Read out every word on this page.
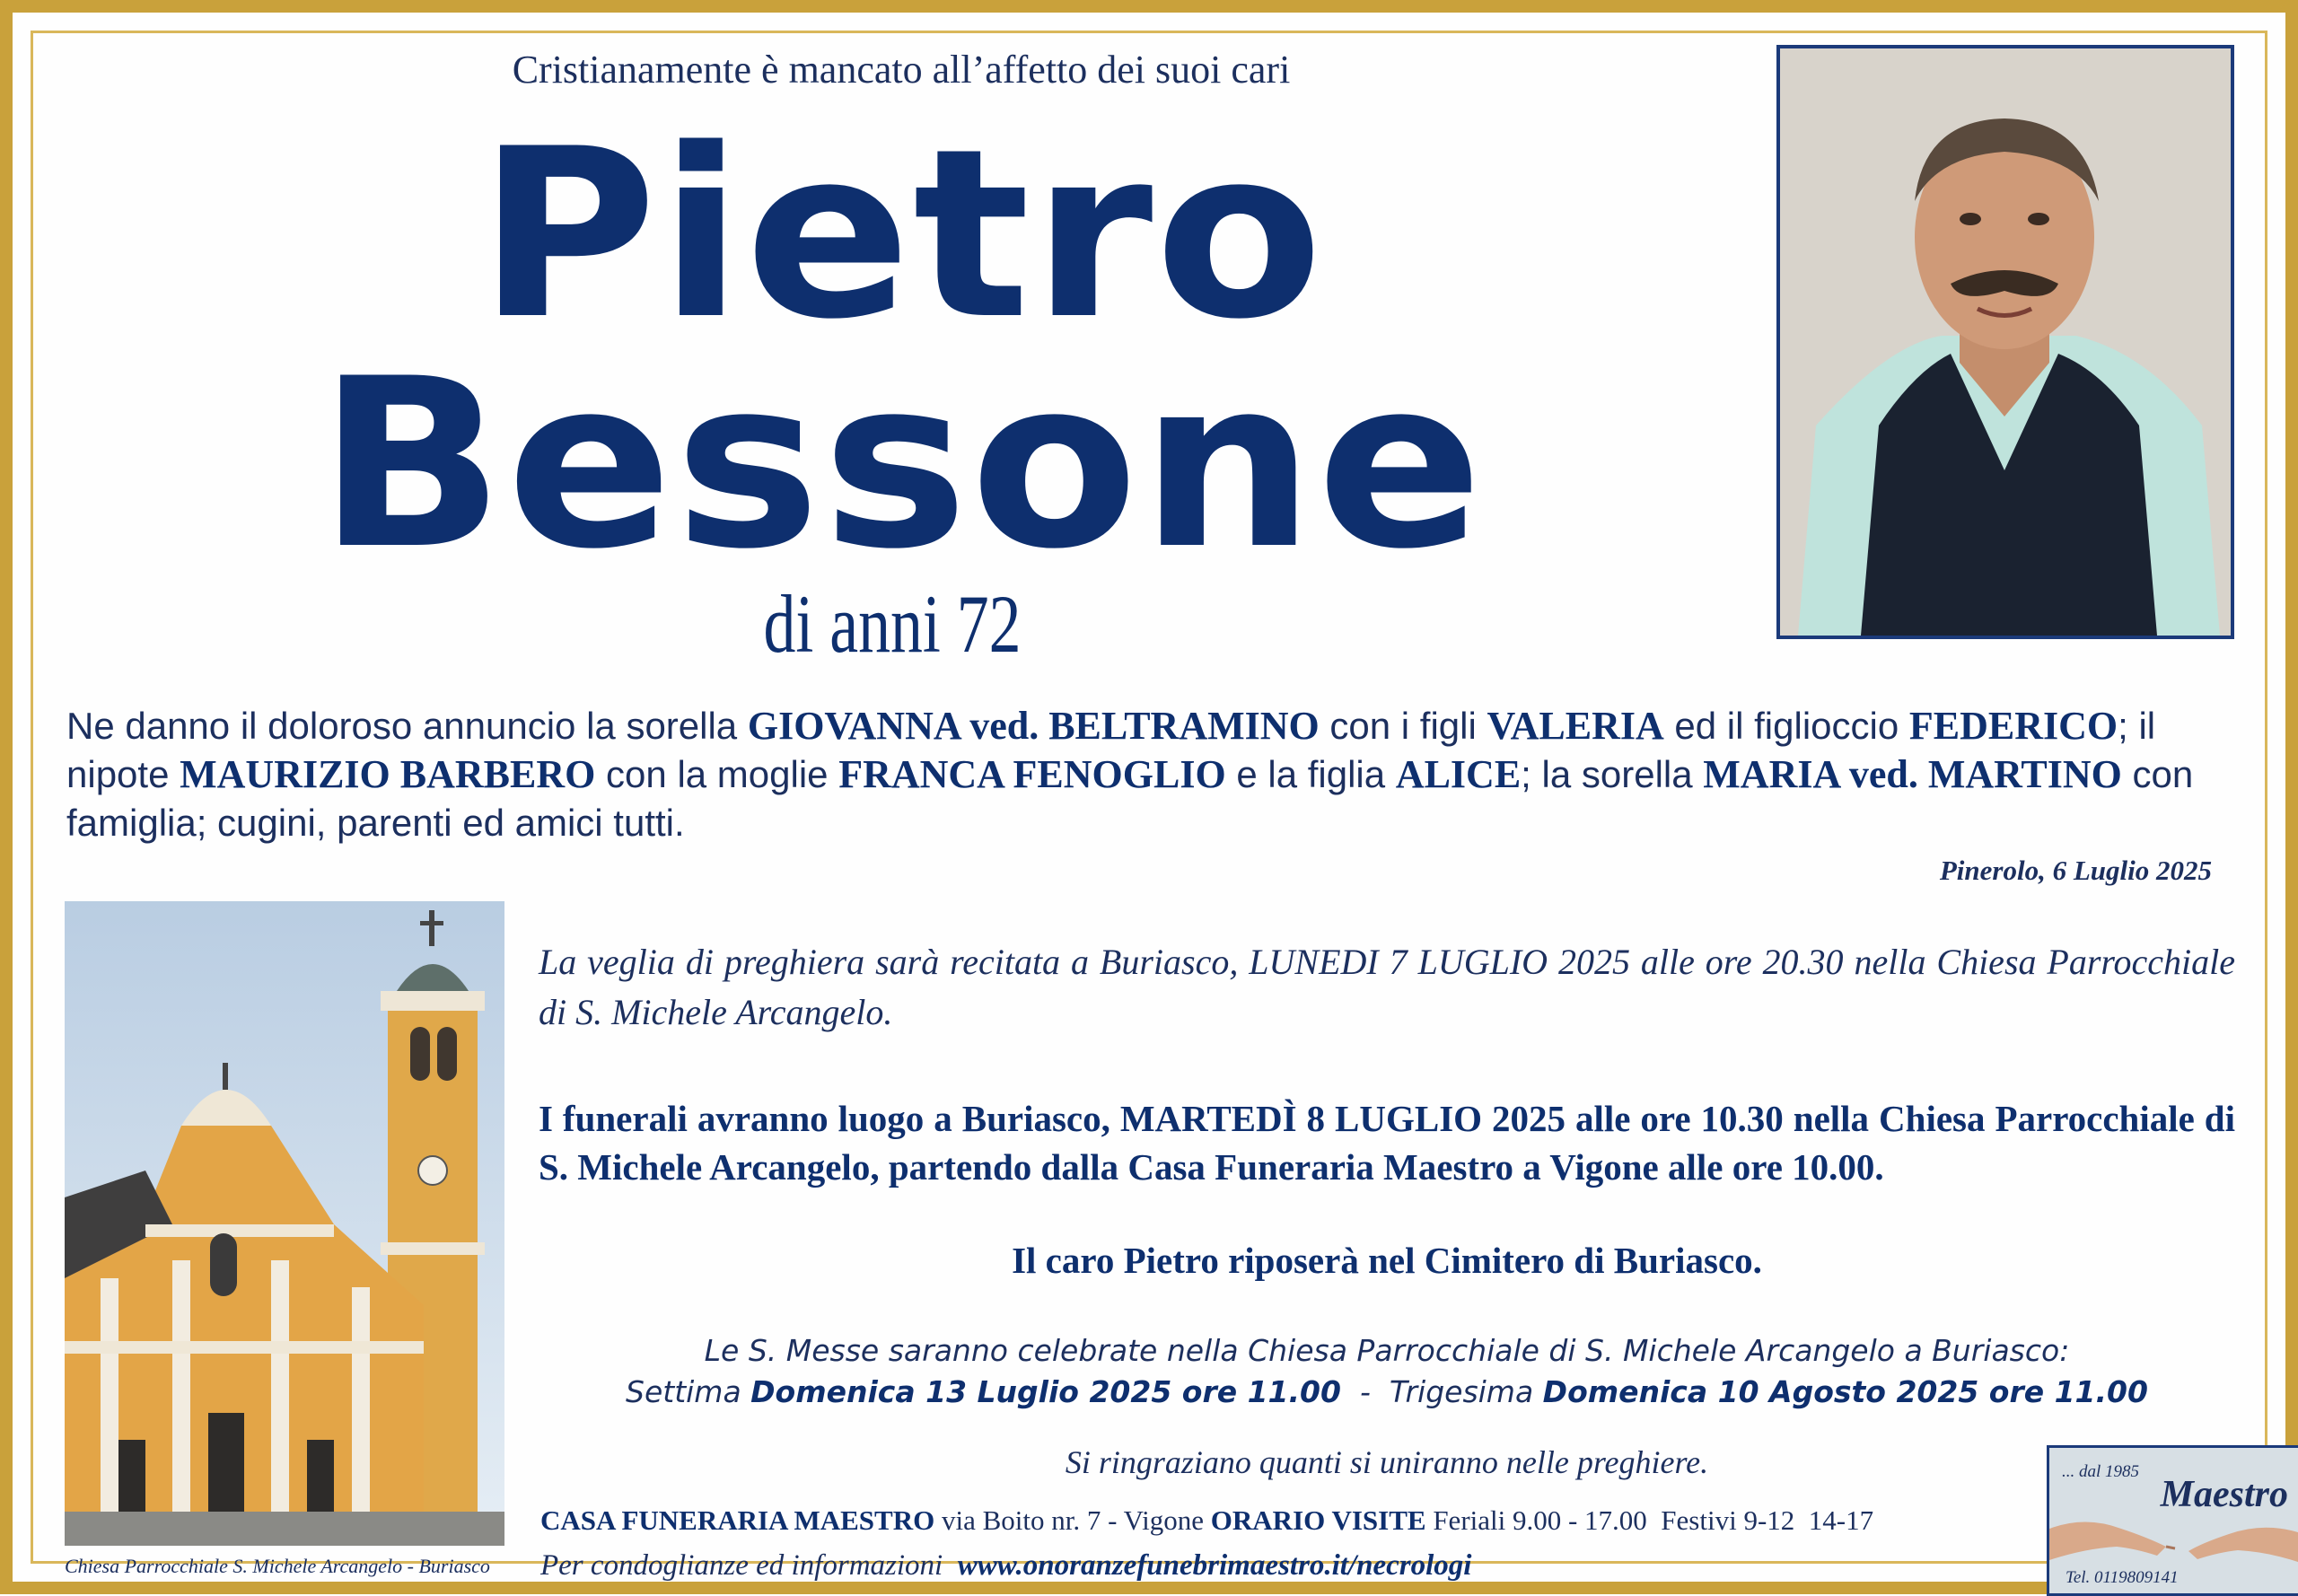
Cristianamente è mancato all’affetto dei suoi cari
Pietro
Bessone
di anni 72
Ne danno il doloroso annuncio la sorella GIOVANNA ved. BELTRAMINO con i figli VALERIA ed il figlioccio FEDERICO; il nipote MAURIZIO BARBERO con la moglie FRANCA FENOGLIO e la figlia ALICE; la sorella MARIA ved. MARTINO con famiglia; cugini, parenti ed amici tutti.
Pinerolo, 6 Luglio 2025
Chiesa Parrocchiale S. Michele Arcangelo - Buriasco
La veglia di preghiera sarà recitata a Buriasco, LUNEDI 7 LUGLIO 2025 alle ore 20.30 nella Chiesa Parrocchiale di S. Michele Arcangelo.
I funerali avranno luogo a Buriasco, MARTEDÌ 8 LUGLIO 2025 alle ore 10.30 nella Chiesa Parrocchiale di S. Michele Arcangelo, partendo dalla Casa Funeraria Maestro a Vigone alle ore 10.00.
Il caro Pietro riposerà nel Cimitero di Buriasco.
Le S. Messe saranno celebrate nella Chiesa Parrocchiale di S. Michele Arcangelo a Buriasco:
Settima Domenica 13 Luglio 2025 ore 11.00  -  Trigesima Domenica 10 Agosto 2025 ore 11.00
Si ringraziano quanti si uniranno nelle preghiere.
CASA FUNERARIA MAESTRO via Boito nr. 7 - Vigone ORARIO VISITE Feriali 9.00 - 17.00  Festivi 9-12  14-17
Per condoglianze ed informazioni  www.onoranzefunebrimaestro.it/necrologi
... dal 1985
Maestro
Tel. 0119809141
